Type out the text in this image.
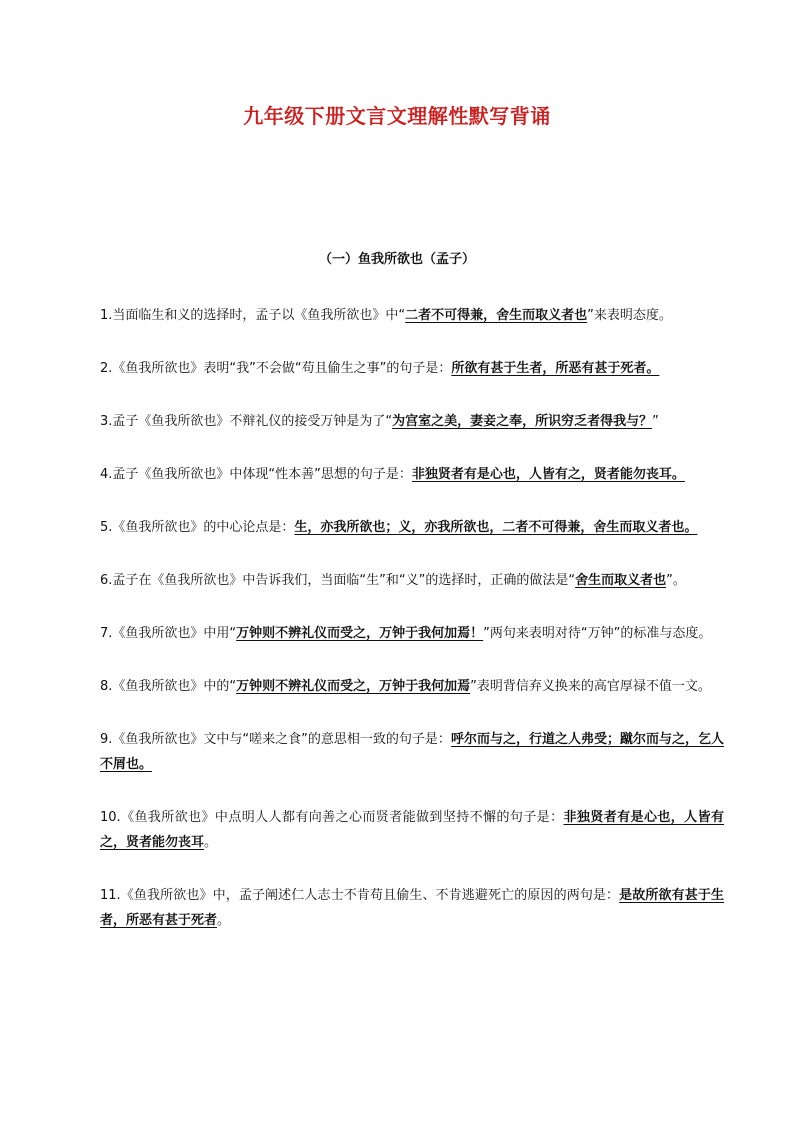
九年级下册文言文理解性默写背诵
（一）鱼我所欲也（孟子）

1.当面临生和义的选择时，孟子以《鱼我所欲也》中“二者不可得兼，舍生而取义者也”来表明态度。

2.《鱼我所欲也》表明“我”不会做“苟且偷生之事”的句子是：所欲有甚于生者，所恶有甚于死者。

3.孟子《鱼我所欲也》不辩礼仪的接受万钟是为了“为宫室之美，妻妾之奉，所识穷乏者得我与？”

4.孟子《鱼我所欲也》中体现“性本善”思想的句子是：非独贤者有是心也，人皆有之，贤者能勿丧耳。

5.《鱼我所欲也》的中心论点是：生，亦我所欲也；义，亦我所欲也，二者不可得兼，舍生而取义者也。

6.孟子在《鱼我所欲也》中告诉我们，当面临“生”和“义”的选择时，正确的做法是“舍生而取义者也”。

7.《鱼我所欲也》中用“万钟则不辨礼仪而受之，万钟于我何加焉！”两句来表明对待“万钟”的标准与态度。

8.《鱼我所欲也》中的“万钟则不辨礼仪而受之，万钟于我何加焉”表明背信弃义换来的高官厚禄不值一文。

9.《鱼我所欲也》文中与“嗟来之食”的意思相一致的句子是：呼尔而与之，行道之人弗受；蹴尔而与之，乞人不屑也。

10.《鱼我所欲也》中点明人人都有向善之心而贤者能做到坚持不懈的句子是：非独贤者有是心也，人皆有之，贤者能勿丧耳。

11.《鱼我所欲也》中，孟子阐述仁人志士不肯苟且偷生、不肯逃避死亡的原因的两句是：是故所欲有甚于生者，所恶有甚于死者。
